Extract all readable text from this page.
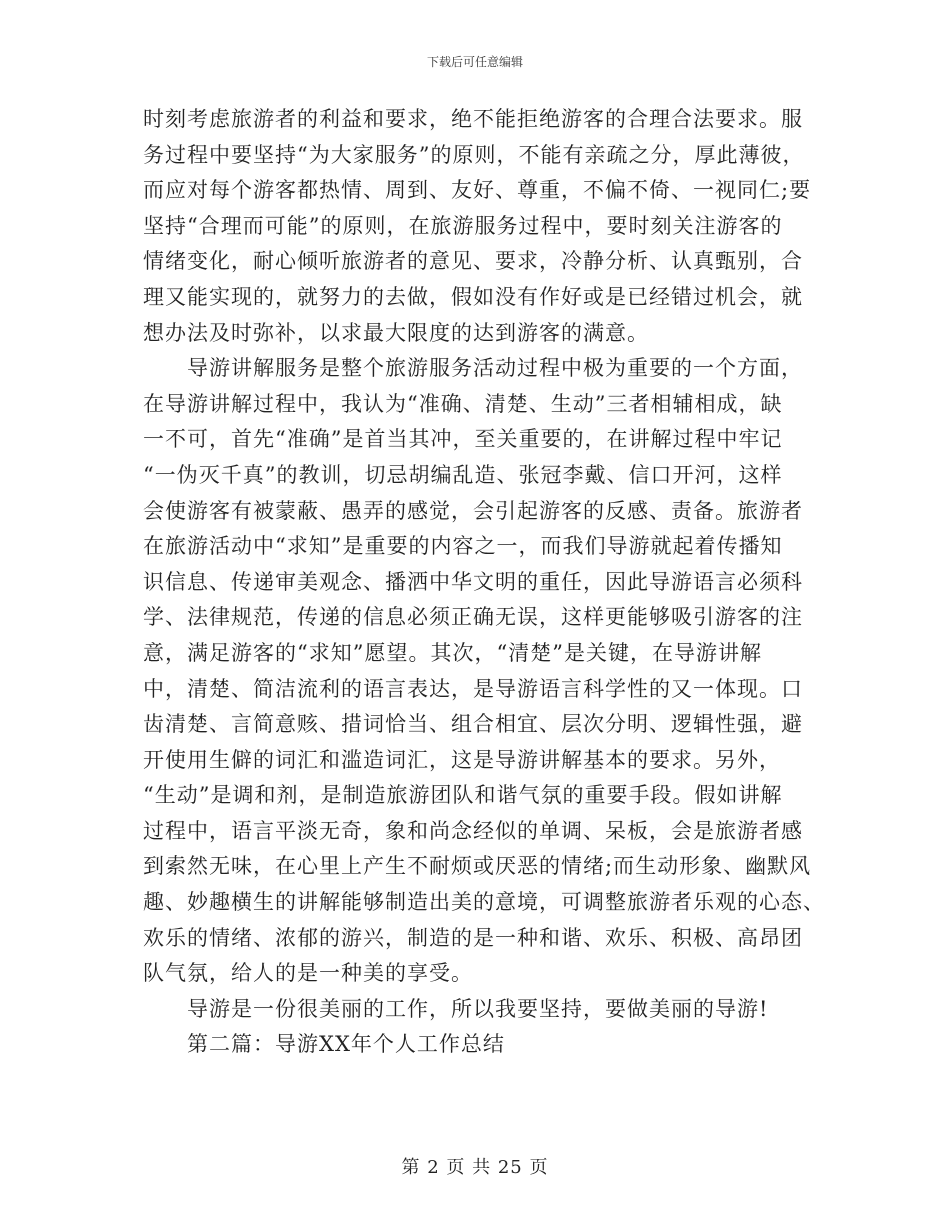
下载后可任意编辑
时刻考虑旅游者的利益和要求，绝不能拒绝游客的合理合法要求。服
务过程中要坚持“为大家服务”的原则，不能有亲疏之分，厚此薄彼，
而应对每个游客都热情、周到、友好、尊重，不偏不倚、一视同仁;要
坚持“合理而可能”的原则，在旅游服务过程中，要时刻关注游客的
情绪变化，耐心倾听旅游者的意见、要求，冷静分析、认真甄别，合
理又能实现的，就努力的去做，假如没有作好或是已经错过机会，就
想办法及时弥补，以求最大限度的达到游客的满意。
导游讲解服务是整个旅游服务活动过程中极为重要的一个方面，
在导游讲解过程中，我认为“准确、清楚、生动”三者相辅相成，缺
一不可，首先“准确”是首当其冲，至关重要的，在讲解过程中牢记
“一伪灭千真”的教训，切忌胡编乱造、张冠李戴、信口开河，这样
会使游客有被蒙蔽、愚弄的感觉，会引起游客的反感、责备。旅游者
在旅游活动中“求知”是重要的内容之一，而我们导游就起着传播知
识信息、传递审美观念、播洒中华文明的重任，因此导游语言必须科
学、法律规范，传递的信息必须正确无误，这样更能够吸引游客的注
意，满足游客的“求知”愿望。其次，“清楚”是关键，在导游讲解
中，清楚、简洁流利的语言表达，是导游语言科学性的又一体现。口
齿清楚、言简意赅、措词恰当、组合相宜、层次分明、逻辑性强，避
开使用生僻的词汇和滥造词汇，这是导游讲解基本的要求。另外，
“生动”是调和剂，是制造旅游团队和谐气氛的重要手段。假如讲解
过程中，语言平淡无奇，象和尚念经似的单调、呆板，会是旅游者感
到索然无味，在心里上产生不耐烦或厌恶的情绪;而生动形象、幽默风
趣、妙趣横生的讲解能够制造出美的意境，可调整旅游者乐观的心态、
欢乐的情绪、浓郁的游兴，制造的是一种和谐、欢乐、积极、高昂团
队气氛，给人的是一种美的享受。
导游是一份很美丽的工作，所以我要坚持，要做美丽的导游!
第二篇：导游XX年个人工作总结
第 2 页 共 25 页
